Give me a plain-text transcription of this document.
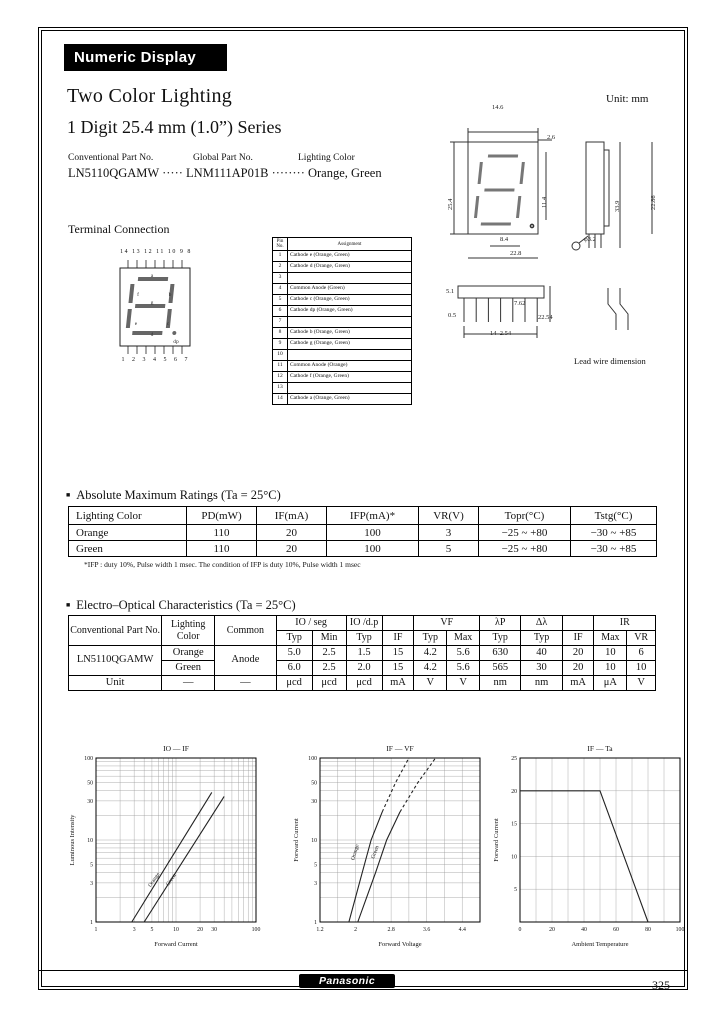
Numeric Display
Two Color Lighting
1 Digit 25.4 mm (1.0”) Series
Unit: mm
Conventional Part No.	Global Part No.	Lighting Color
LN5110QGAMW ····· LNM111AP01B ········ Orange, Green
Terminal Connection
14 13 12 11 10 9 8
a
b
c
d
e
f
g
dp
1 2 3 4 5 6 7
Pin No.	Assignment
1	Cathode e (Orange, Green)
2	Cathode d (Orange, Green)
3	
4	Common Anode (Green)
5	Cathode c (Orange, Green)
6	Cathode dp (Orange, Green)
7	
8	Cathode b (Orange, Green)
9	Cathode g (Orange, Green)
10	
11	Common Anode (Orange)
12	Cathode f (Orange, Green)
13	
14	Cathode a (Orange, Green)
14.6
2.6
25.4	11.4	33.9	22.86
8.4
22.8
φ3.2
5.1
7.62
0.5
14–2.54
22.54
Lead wire dimension
■ Absolute Maximum Ratings (Ta = 25°C)
Lighting Color	PD(mW)	IF(mA)	IFP(mA)*	VR(V)	Topr(°C)	Tstg(°C)
Orange	110	20	100	3	−25 ~ +80	−30 ~ +85
Green	110	20	100	5	−25 ~ +80	−30 ~ +85
*IFP : duty 10%, Pulse width 1 msec. The condition of IFP is duty 10%, Pulse width 1 msec
■ Electro–Optical Characteristics (Ta = 25°C)
Conventional Part No.	Lighting Color	Common	IO / seg		IO /d.p		VF		λP	Δλ		IR	
			Typ	Min	Typ	IF	Typ	Max	Typ	Typ	IF	Max	VR
LN5110QGAMW	Orange	Anode	5.0	2.5	1.5	15	4.2	5.6	630	40	20	10	6
	Green		6.0	2.5	2.0	15	4.2	5.6	565	30	20	10	10
Unit	—	—	μcd	μcd	μcd	mA	V	V	nm	nm	mA	μA	V
1	3	5	10	20 30	100
1
3
5
10
30
50
100
IO — IF
Forward Current
Luminous Intensity
Orange Green
1.2	2	2.8	3.6	4.4
1
3
5
10
30
50
100
IF — VF
Forward Voltage
Forward Current	Orange Green
0	20	40	60	80	100
5
10
15
20
25
IF — Ta
Ambient Temperature
Forward Current
Panasonic	325
